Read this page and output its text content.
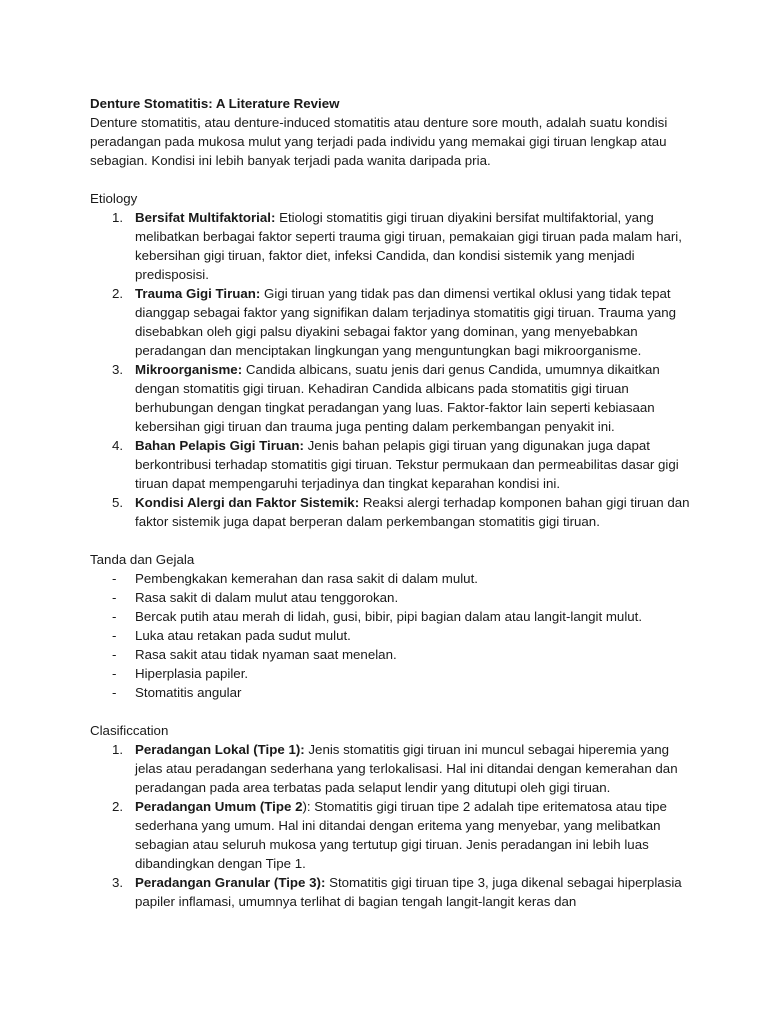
Denture Stomatitis: A Literature Review
Denture stomatitis, atau denture-induced stomatitis atau denture sore mouth, adalah suatu kondisi peradangan pada mukosa mulut yang terjadi pada individu yang memakai gigi tiruan lengkap atau sebagian. Kondisi ini lebih banyak terjadi pada wanita daripada pria.
Etiology
1. Bersifat Multifaktorial: Etiologi stomatitis gigi tiruan diyakini bersifat multifaktorial, yang melibatkan berbagai faktor seperti trauma gigi tiruan, pemakaian gigi tiruan pada malam hari, kebersihan gigi tiruan, faktor diet, infeksi Candida, dan kondisi sistemik yang menjadi predisposisi.
2. Trauma Gigi Tiruan: Gigi tiruan yang tidak pas dan dimensi vertikal oklusi yang tidak tepat dianggap sebagai faktor yang signifikan dalam terjadinya stomatitis gigi tiruan. Trauma yang disebabkan oleh gigi palsu diyakini sebagai faktor yang dominan, yang menyebabkan peradangan dan menciptakan lingkungan yang menguntungkan bagi mikroorganisme.
3. Mikroorganisme: Candida albicans, suatu jenis dari genus Candida, umumnya dikaitkan dengan stomatitis gigi tiruan. Kehadiran Candida albicans pada stomatitis gigi tiruan berhubungan dengan tingkat peradangan yang luas. Faktor-faktor lain seperti kebiasaan kebersihan gigi tiruan dan trauma juga penting dalam perkembangan penyakit ini.
4. Bahan Pelapis Gigi Tiruan: Jenis bahan pelapis gigi tiruan yang digunakan juga dapat berkontribusi terhadap stomatitis gigi tiruan. Tekstur permukaan dan permeabilitas dasar gigi tiruan dapat mempengaruhi terjadinya dan tingkat keparahan kondisi ini.
5. Kondisi Alergi dan Faktor Sistemik: Reaksi alergi terhadap komponen bahan gigi tiruan dan faktor sistemik juga dapat berperan dalam perkembangan stomatitis gigi tiruan.
Tanda dan Gejala
- Pembengkakan kemerahan dan rasa sakit di dalam mulut.
- Rasa sakit di dalam mulut atau tenggorokan.
- Bercak putih atau merah di lidah, gusi, bibir, pipi bagian dalam atau langit-langit mulut.
- Luka atau retakan pada sudut mulut.
- Rasa sakit atau tidak nyaman saat menelan.
- Hiperplasia papiler.
- Stomatitis angular
Clasificcation
1. Peradangan Lokal (Tipe 1): Jenis stomatitis gigi tiruan ini muncul sebagai hiperemia yang jelas atau peradangan sederhana yang terlokalisasi. Hal ini ditandai dengan kemerahan dan peradangan pada area terbatas pada selaput lendir yang ditutupi oleh gigi tiruan.
2. Peradangan Umum (Tipe 2): Stomatitis gigi tiruan tipe 2 adalah tipe eritematosa atau tipe sederhana yang umum. Hal ini ditandai dengan eritema yang menyebar, yang melibatkan sebagian atau seluruh mukosa yang tertutup gigi tiruan. Jenis peradangan ini lebih luas dibandingkan dengan Tipe 1.
3. Peradangan Granular (Tipe 3): Stomatitis gigi tiruan tipe 3, juga dikenal sebagai hiperplasia papiler inflamasi, umumnya terlihat di bagian tengah langit-langit keras dan
